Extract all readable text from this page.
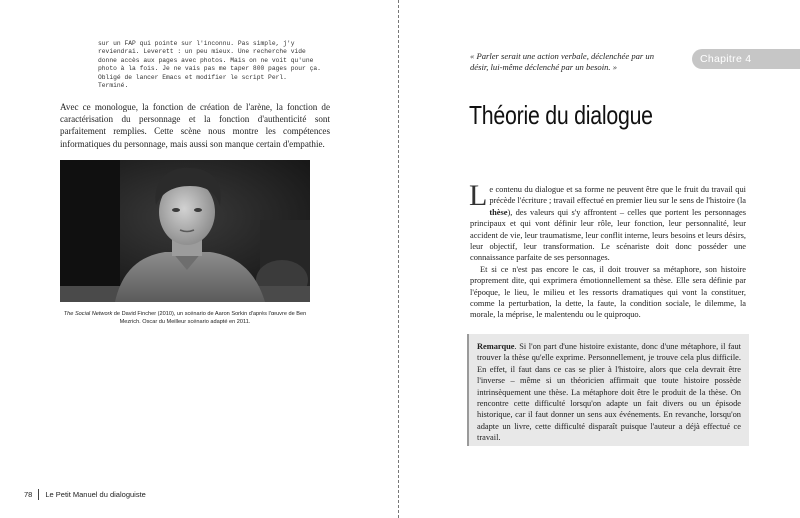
sur un FAP qui pointe sur l'inconnu. Pas simple, j'y reviendrai. Leverett : un peu mieux. Une recherche vide donne accès aux pages avec photos. Mais on ne voit qu'une photo à la fois. Je ne vais pas me taper 800 pages pour ça. Obligé de lancer Emacs et modifier le script Perl.
Terminé.
Avec ce monologue, la fonction de création de l'arène, la fonction de caractérisation du personnage et la fonction d'authenticité sont parfaitement remplies. Cette scène nous montre les compétences informatiques du personnage, mais aussi son manque certain d'empathie.
The Social Network de David Fincher (2010), un scénario de Aaron Sorkin d'après l'œuvre de Ben Mezrich. Oscar du Meilleur scénario adapté en 2011.
78 Le Petit Manuel du dialoguiste
« Parler serait une action verbale, déclenchée par un désir, lui-même déclenché par un besoin. »
Chapitre 4
Théorie du dialogue

Le contenu du dialogue et sa forme ne peuvent être que le fruit du travail qui précède l'écriture ; travail effectué en premier lieu sur le sens de l'histoire (la thèse), des valeurs qui s'y affrontent – celles que portent les personnages principaux et qui vont définir leur rôle, leur fonction, leur personnalité, leur accident de vie, leur traumatisme, leur conflit interne, leurs besoins et leurs désirs, leur objectif, leur transformation. Le scénariste doit donc posséder une connaissance parfaite de ses personnages.

Et si ce n'est pas encore le cas, il doit trouver sa métaphore, son histoire proprement dite, qui exprimera émotionnellement sa thèse. Elle sera définie par l'époque, le lieu, le milieu et les ressorts dramatiques qui vont la constituer, comme la perturbation, la dette, la faute, la condition sociale, le dilemme, la morale, la méprise, le malentendu ou le quiproquo.

Remarque. Si l'on part d'une histoire existante, donc d'une métaphore, il faut trouver la thèse qu'elle exprime. Personnellement, je trouve cela plus difficile. En effet, il faut dans ce cas se plier à l'histoire, alors que cela devrait être l'inverse – même si un théoricien affirmait que toute histoire possède intrinsèquement une thèse. La métaphore doit être le produit de la thèse. On rencontre cette difficulté lorsqu'on adapte un fait divers ou un épisode historique, car il faut donner un sens aux événements. En revanche, lorsqu'on adapte un livre, cette difficulté disparaît puisque l'auteur a déjà effectué ce travail.
